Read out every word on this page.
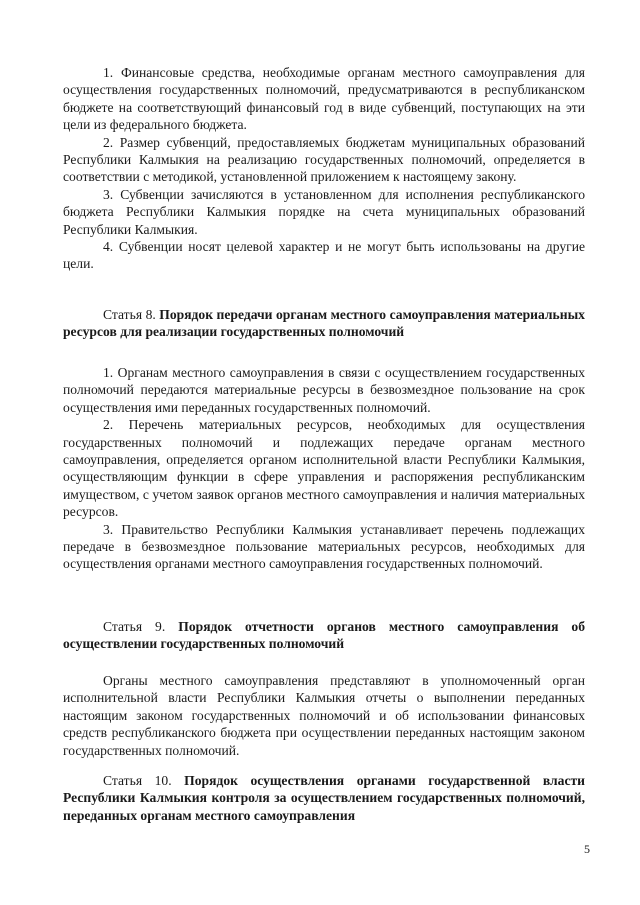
1. Финансовые средства, необходимые органам местного самоуправления для осуществления государственных полномочий, предусматриваются в республиканском бюджете на соответствующий финансовый год в виде субвенций, поступающих на эти цели из федерального бюджета.

2. Размер субвенций, предоставляемых бюджетам муниципальных образований Республики Калмыкия на реализацию государственных полномочий, определяется в соответствии с методикой, установленной приложением к настоящему закону.

3. Субвенции зачисляются в установленном для исполнения республиканского бюджета Республики Калмыкия порядке на счета муниципальных образований Республики Калмыкия.

4. Субвенции носят целевой характер и не могут быть использованы на другие цели.

Статья 8. Порядок передачи органам местного самоуправления материальных ресурсов для реализации государственных полномочий

1. Органам местного самоуправления в связи с осуществлением государственных полномочий передаются материальные ресурсы в безвозмездное пользование на срок осуществления ими переданных государственных полномочий.

2. Перечень материальных ресурсов, необходимых для осуществления государственных полномочий и подлежащих передаче органам местного самоуправления, определяется органом исполнительной власти Республики Калмыкия, осуществляющим функции в сфере управления и распоряжения республиканским имуществом, с учетом заявок органов местного самоуправления и наличия материальных ресурсов.

3. Правительство Республики Калмыкия устанавливает перечень подлежащих передаче в безвозмездное пользование материальных ресурсов, необходимых для осуществления органами местного самоуправления государственных полномочий.

Статья 9. Порядок отчетности органов местного самоуправления об осуществлении государственных полномочий

Органы местного самоуправления представляют в уполномоченный орган исполнительной власти Республики Калмыкия отчеты о выполнении переданных настоящим законом государственных полномочий и об использовании финансовых средств республиканского бюджета при осуществлении переданных настоящим законом государственных полномочий.

Статья 10. Порядок осуществления органами государственной власти Республики Калмыкия контроля за осуществлением государственных полномочий, переданных органам местного самоуправления
5
